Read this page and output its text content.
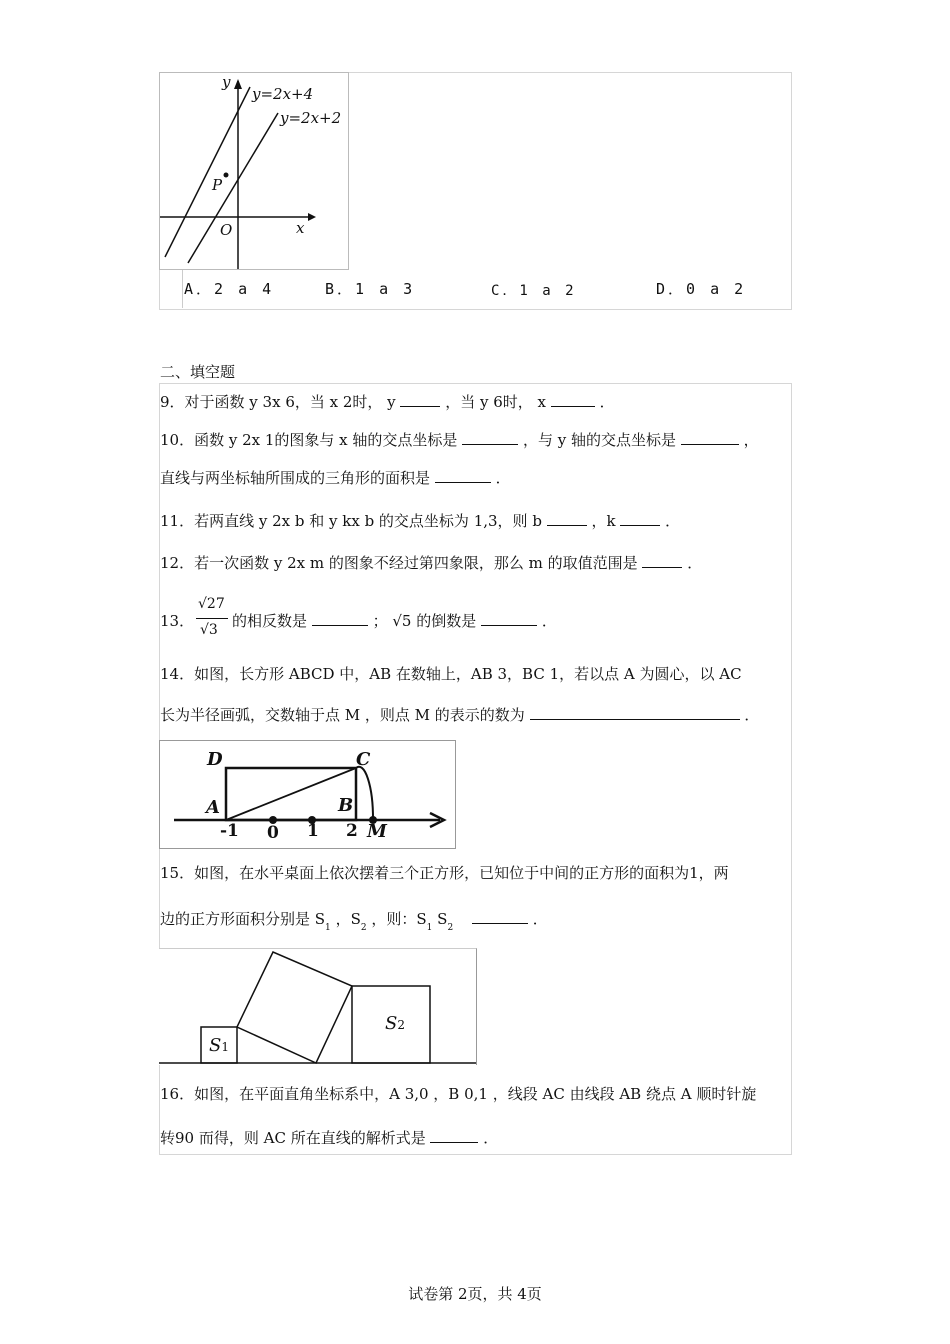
y
x
O
P
y=2x+4
y=2x+2
A．2 a 4	B．1 a 3	C．1 a 2	D．0 a 2
二、填空题
9．对于函数 y 3x 6，当 x 2时， y	，当 y 6时， x	．
10．函数 y 2x 1的图象与 x 轴的交点坐标是	，与 y 轴的交点坐标是	，
直线与两坐标轴所围成的三角形的面积是	．
11．若两直线 y 2x b 和 y kx b 的交点坐标为 1,3，则 b	，k	．
12．若一次函数 y 2x m 的图象不经过第四象限，那么 m 的取值范围是	．
13．
√27
√3 的相反数是	； √5 的倒数是	．
14．如图，长方形 ABCD 中，AB 在数轴上，AB 3，BC 1，若以点 A 为圆心，以 AC
长为半径画弧，交数轴于点 M ，则点 M 的表示的数为	．
D	C
A	B
M
-1 0 1 2
15．如图，在水平桌面上依次摆着三个正方形，已知位于中间的正方形的面积为1，两
边的正方形面积分别是 $S_1$ ，$S_2$ ，则：$S_1$ $S_2$	．
S1
S2
16．如图，在平面直角坐标系中，A 3,0 ，B 0,1 ，线段 AC 由线段 AB 绕点 A 顺时针旋
转90 而得，则 AC 所在直线的解析式是	．
试卷第 2页，共 4页
